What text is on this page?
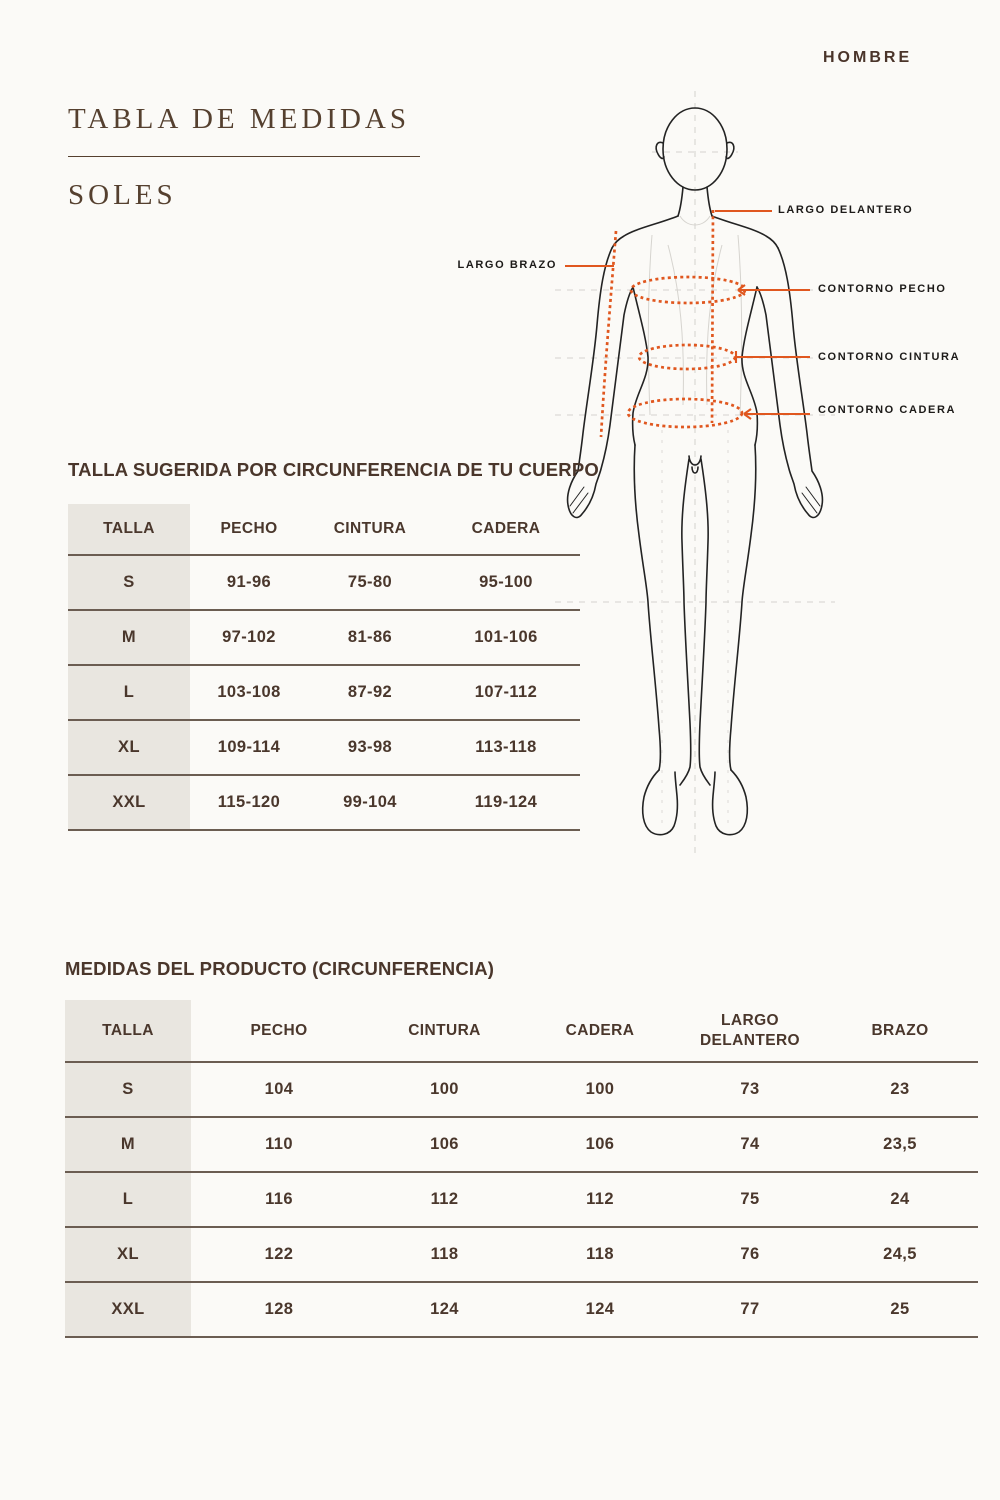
HOMBRE
TABLA DE MEDIDAS
SOLES	LARGO DELANTERO
LARGO BRAZO
CONTORNO PECHO
CONTORNO CINTURA
CONTORNO CADERA
TALLA SUGERIDA POR CIRCUNFERENCIA DE TU CUERPO
TALLA	PECHO	CINTURA	CADERA
S	91-96	75-80	95-100
M	97-102	81-86	101-106
L	103-108	87-92	107-112
XL	109-114	93-98	113-118
XXL	115-120	99-104	119-124
MEDIDAS DEL PRODUCTO (CIRCUNFERENCIA)
TALLA	PECHO	CINTURA	CADERA	LARGO DELANTERO	BRAZO
S	104	100	100	73	23
M	110	106	106	74	23,5
L	116	112	112	75	24
XL	122	118	118	76	24,5
XXL	128	124	124	77	25
